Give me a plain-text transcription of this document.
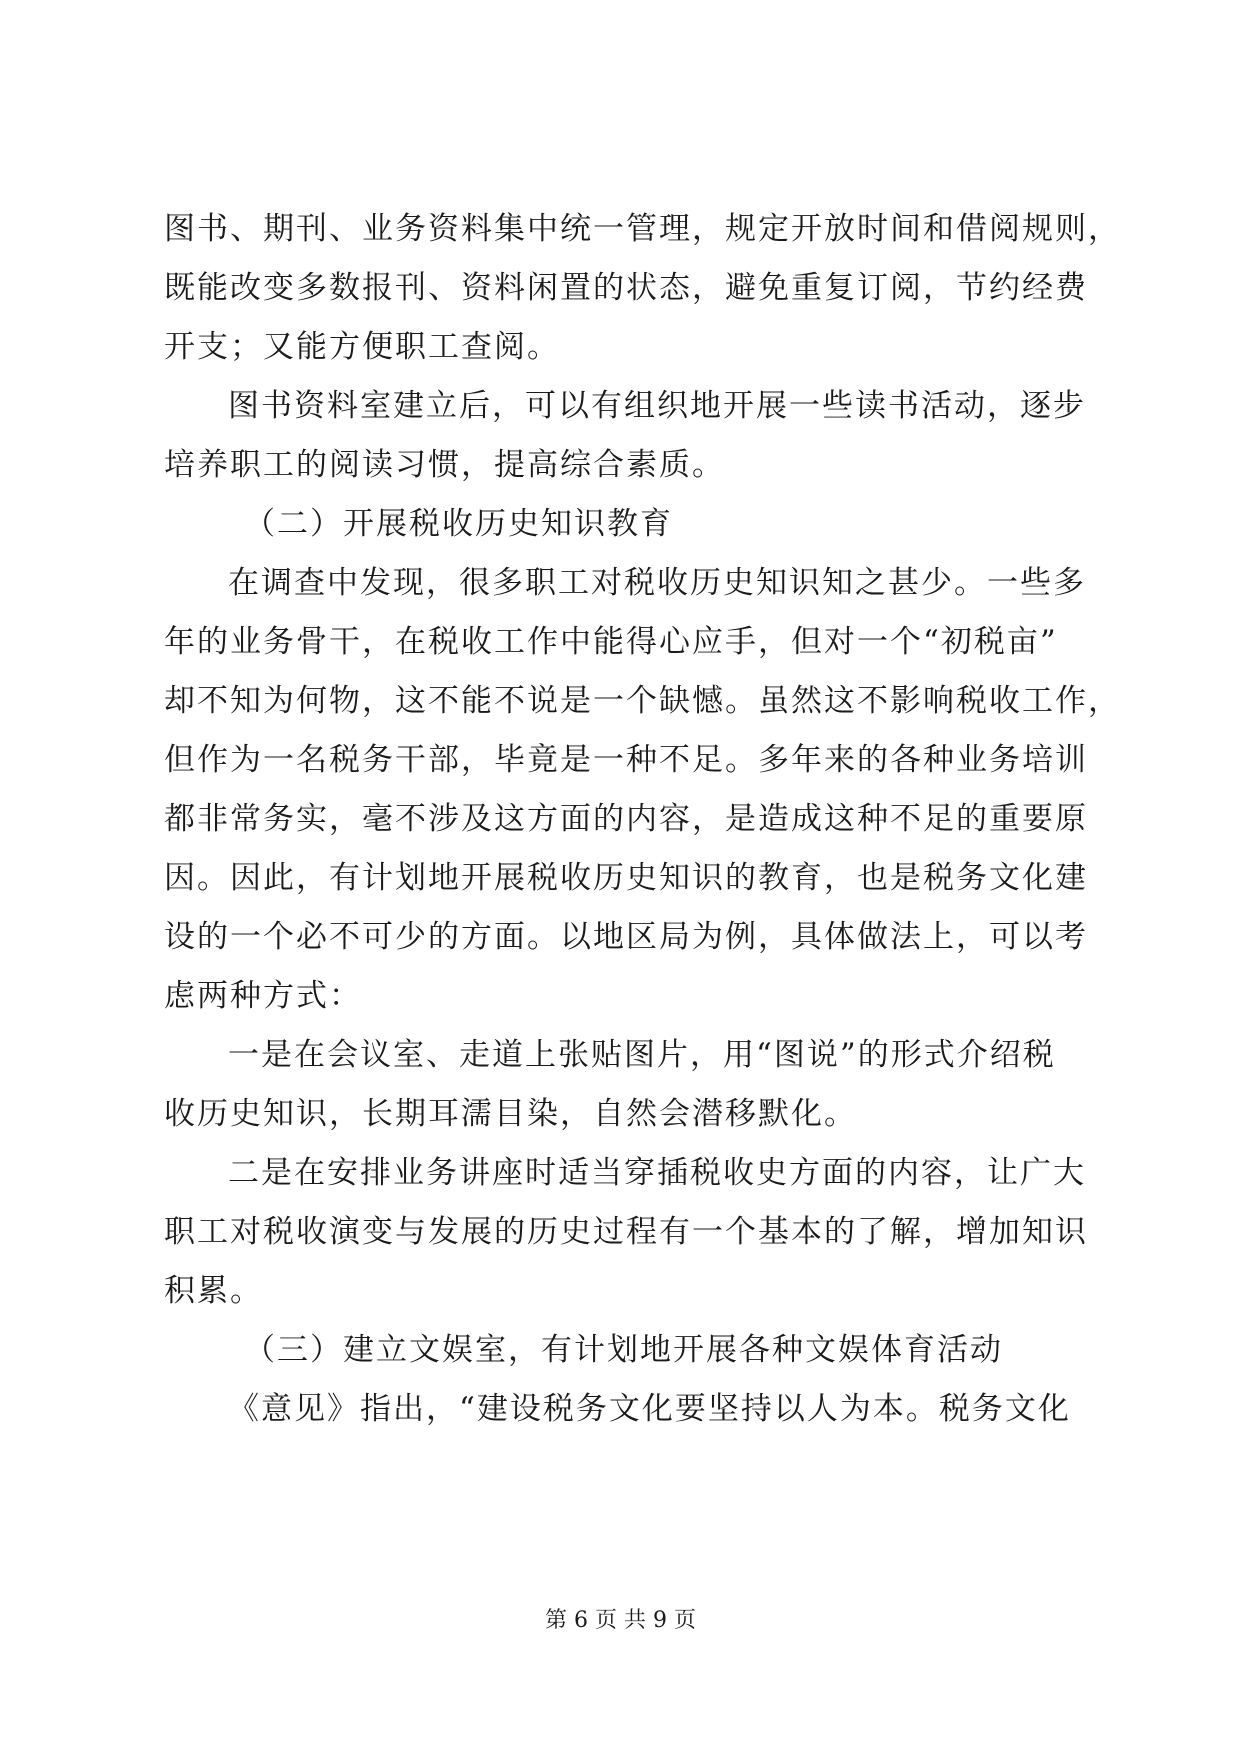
图书、期刊、业务资料集中统一管理，规定开放时间和借阅规则，
既能改变多数报刊、资料闲置的状态，避免重复订阅，节约经费
开支；又能方便职工查阅。
图书资料室建立后，可以有组织地开展一些读书活动，逐步
培养职工的阅读习惯，提高综合素质。
（二）开展税收历史知识教育
在调查中发现，很多职工对税收历史知识知之甚少。一些多
年的业务骨干，在税收工作中能得心应手，但对一个“初税亩”
却不知为何物，这不能不说是一个缺憾。虽然这不影响税收工作，
但作为一名税务干部，毕竟是一种不足。多年来的各种业务培训
都非常务实，毫不涉及这方面的内容，是造成这种不足的重要原
因。因此，有计划地开展税收历史知识的教育，也是税务文化建
设的一个必不可少的方面。以地区局为例，具体做法上，可以考
虑两种方式：
一是在会议室、走道上张贴图片，用“图说”的形式介绍税
收历史知识，长期耳濡目染，自然会潜移默化。
二是在安排业务讲座时适当穿插税收史方面的内容，让广大
职工对税收演变与发展的历史过程有一个基本的了解，增加知识
积累。
（三）建立文娱室，有计划地开展各种文娱体育活动
《意见》指出，“建设税务文化要坚持以人为本。税务文化
第 6 页 共 9 页
